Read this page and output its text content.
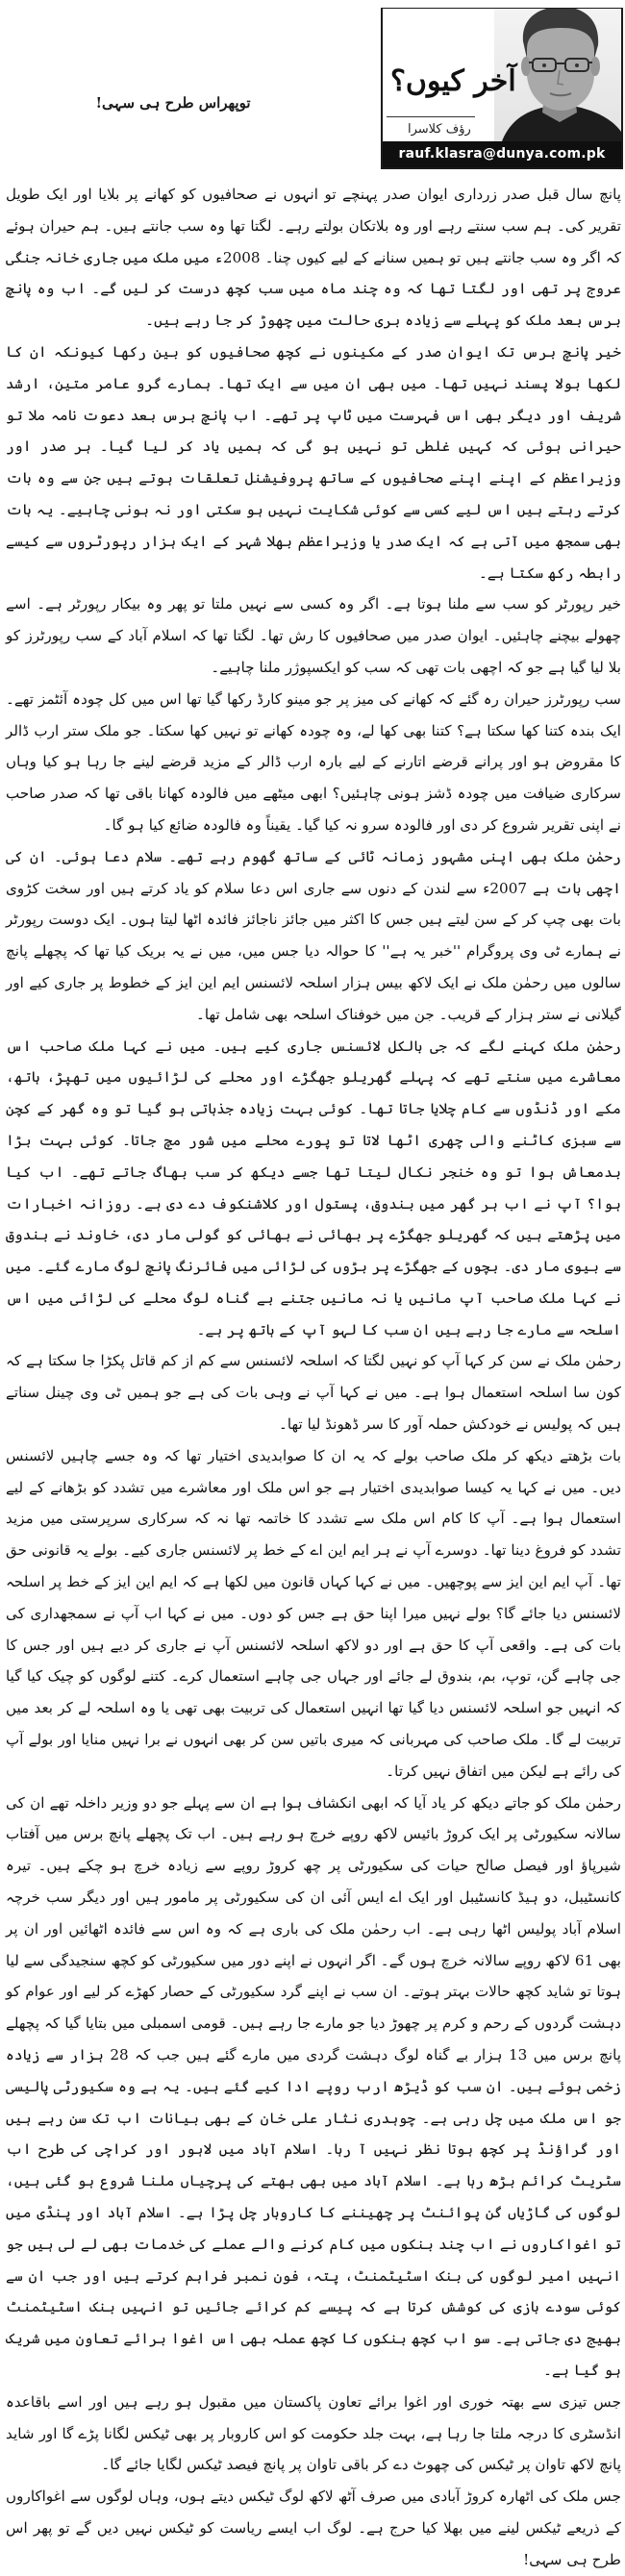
توپھراس طرح ہی سہی!
آخر کیوں؟
رؤف کلاسرا
rauf.klasra@dunya.com.pk

پانچ سال قبل صدر زرداری ایوان صدر پہنچے تو انہوں نے صحافیوں کو کھانے پر بلایا اور ایک طویل تقریر کی۔ ہم سب سنتے رہے اور وہ بلاتکان بولتے رہے۔ لگتا تھا وہ سب جانتے ہیں۔ ہم حیران ہوئے کہ اگر وہ سب جانتے ہیں تو ہمیں سنانے کے لیے کیوں چنا۔ 2008ء میں ملک میں جاری خانہ جنگی عروج پر تھی اور لگتا تھا کہ وہ چند ماہ میں سب کچھ درست کر لیں گے۔ اب وہ پانچ برس بعد ملک کو پہلے سے زیادہ بری حالت میں چھوڑ کر جا رہے ہیں۔

خیر پانچ برس تک ایوان صدر کے مکینوں نے کچھ صحافیوں کو بین رکھا کیونکہ ان کا لکھا بولا پسند نہیں تھا۔ میں بھی ان میں سے ایک تھا۔ ہمارے گرو عامر متین، ارشد شریف اور دیگر بھی اس فہرست میں ٹاپ پر تھے۔ اب پانچ برس بعد دعوت نامہ ملا تو حیرانی ہوئی کہ کہیں غلطی تو نہیں ہو گی کہ ہمیں یاد کر لیا گیا۔ ہر صدر اور وزیراعظم کے اپنے اپنے صحافیوں کے ساتھ پروفیشنل تعلقات ہوتے ہیں جن سے وہ بات کرتے رہتے ہیں اس لیے کسی سے کوئی شکایت نہیں ہو سکتی اور نہ ہونی چاہیے۔ یہ بات بھی سمجھ میں آتی ہے کہ ایک صدر یا وزیراعظم بھلا شہر کے ایک ہزار رپورٹروں سے کیسے رابطہ رکھ سکتا ہے۔

خیر رپورٹر کو سب سے ملنا ہوتا ہے۔ اگر وہ کسی سے نہیں ملتا تو پھر وہ بیکار رپورٹر ہے۔ اسے چھولے بیچنے چاہئیں۔ ایوان صدر میں صحافیوں کا رش تھا۔ لگتا تھا کہ اسلام آباد کے سب رپورٹرز کو بلا لیا گیا ہے جو کہ اچھی بات تھی کہ سب کو ایکسپوژر ملنا چاہیے۔

سب رپورٹرز حیران رہ گئے کہ کھانے کی میز پر جو مینو کارڈ رکھا گیا تھا اس میں کل چودہ آئٹمز تھے۔ ایک بندہ کتنا کھا سکتا ہے؟ کتنا بھی کھا لے، وہ چودہ کھانے تو نہیں کھا سکتا۔ جو ملک ستر ارب ڈالر کا مقروض ہو اور پرانے قرضے اتارنے کے لیے بارہ ارب ڈالر کے مزید قرضے لینے جا رہا ہو کیا وہاں سرکاری ضیافت میں چودہ ڈشز ہونی چاہئیں؟ ابھی میٹھے میں فالودہ کھانا باقی تھا کہ صدر صاحب نے اپنی تقریر شروع کر دی اور فالودہ سرو نہ کیا گیا۔ یقیناً وہ فالودہ ضائع کیا ہو گا۔

رحمٰن ملک بھی اپنی مشہور زمانہ ٹائی کے ساتھ گھوم رہے تھے۔ سلام دعا ہوئی۔ ان کی اچھی بات ہے 2007ء سے لندن کے دنوں سے جاری اس دعا سلام کو یاد کرتے ہیں اور سخت کڑوی بات بھی چپ کر کے سن لیتے ہیں جس کا اکثر میں جائز ناجائز فائدہ اٹھا لیتا ہوں۔ ایک دوست رپورٹر نے ہمارے ٹی وی پروگرام ''خبر یہ ہے'' کا حوالہ دیا جس میں، میں نے یہ بریک کیا تھا کہ پچھلے پانچ سالوں میں رحمٰن ملک نے ایک لاکھ بیس ہزار اسلحہ لائسنس ایم این ایز کے خطوط پر جاری کیے اور گیلانی نے ستر ہزار کے قریب۔ جن میں خوفناک اسلحہ بھی شامل تھا۔

رحمٰن ملک کہنے لگے کہ جی بالکل لائسنس جاری کیے ہیں۔ میں نے کہا ملک صاحب اس معاشرے میں سنتے تھے کہ پہلے گھریلو جھگڑے اور محلے کی لڑائیوں میں تھپڑ، ہاتھ، مکے اور ڈنڈوں سے کام چلایا جاتا تھا۔ کوئی بہت زیادہ جذباتی ہو گیا تو وہ گھر کے کچن سے سبزی کاٹنے والی چھری اٹھا لاتا تو پورے محلے میں شور مچ جاتا۔ کوئی بہت بڑا بدمعاش ہوا تو وہ خنجر نکال لیتا تھا جسے دیکھ کر سب بھاگ جاتے تھے۔ اب کیا ہوا؟ آپ نے اب ہر گھر میں بندوق، پستول اور کلاشنکوف دے دی ہے۔ روزانہ اخبارات میں پڑھتے ہیں کہ گھریلو جھگڑے پر بھائی نے بھائی کو گولی مار دی، خاوند نے بندوق سے بیوی مار دی۔ بچوں کے جھگڑے پر بڑوں کی لڑائی میں فائرنگ پانچ لوگ مارے گئے۔ میں نے کہا ملک صاحب آپ مانیں یا نہ مانیں جتنے بے گناہ لوگ محلے کی لڑائی میں اس اسلحہ سے مارے جا رہے ہیں ان سب کا لہو آپ کے ہاتھ پر ہے۔

رحمٰن ملک نے سن کر کہا آپ کو نہیں لگتا کہ اسلحہ لائسنس سے کم از کم قاتل پکڑا جا سکتا ہے کہ کون سا اسلحہ استعمال ہوا ہے۔ میں نے کہا آپ نے وہی بات کی ہے جو ہمیں ٹی وی چینل سناتے ہیں کہ پولیس نے خودکش حملہ آور کا سر ڈھونڈ لیا تھا۔

بات بڑھتے دیکھ کر ملک صاحب بولے کہ یہ ان کا صوابدیدی اختیار تھا کہ وہ جسے چاہیں لائسنس دیں۔ میں نے کہا یہ کیسا صوابدیدی اختیار ہے جو اس ملک اور معاشرے میں تشدد کو بڑھانے کے لیے استعمال ہوا ہے۔ آپ کا کام اس ملک سے تشدد کا خاتمہ تھا نہ کہ سرکاری سرپرستی میں مزید تشدد کو فروغ دینا تھا۔ دوسرے آپ نے ہر ایم این اے کے خط پر لائسنس جاری کیے۔ بولے یہ قانونی حق تھا۔ آپ ایم این ایز سے پوچھیں۔ میں نے کہا کہاں قانون میں لکھا ہے کہ ایم این ایز کے خط پر اسلحہ لائسنس دیا جائے گا؟ بولے نہیں میرا اپنا حق ہے جس کو دوں۔ میں نے کہا اب آپ نے سمجھداری کی بات کی ہے۔ واقعی آپ کا حق ہے اور دو لاکھ اسلحہ لائسنس آپ نے جاری کر دیے ہیں اور جس کا جی چاہے گن، توپ، بم، بندوق لے جائے اور جہاں جی چاہے استعمال کرے۔ کتنے لوگوں کو چیک کیا گیا کہ انہیں جو اسلحہ لائسنس دیا گیا تھا انہیں استعمال کی تربیت بھی تھی یا وہ اسلحہ لے کر بعد میں تربیت لے گا۔ ملک صاحب کی مہربانی کہ میری باتیں سن کر بھی انہوں نے برا نہیں منایا اور بولے آپ کی رائے ہے لیکن میں اتفاق نہیں کرتا۔

رحمٰن ملک کو جاتے دیکھ کر یاد آیا کہ ابھی انکشاف ہوا ہے ان سے پہلے جو دو وزیر داخلہ تھے ان کی سالانہ سکیورٹی پر ایک کروڑ بائیس لاکھ روپے خرچ ہو رہے ہیں۔ اب تک پچھلے پانچ برس میں آفتاب شیرپاؤ اور فیصل صالح حیات کی سکیورٹی پر چھ کروڑ روپے سے زیادہ خرچ ہو چکے ہیں۔ تیرہ کانسٹیبل، دو ہیڈ کانسٹیبل اور ایک اے ایس آئی ان کی سکیورٹی پر مامور ہیں اور دیگر سب خرچہ اسلام آباد پولیس اٹھا رہی ہے۔ اب رحمٰن ملک کی باری ہے کہ وہ اس سے فائدہ اٹھائیں اور ان پر بھی 61 لاکھ روپے سالانہ خرچ ہوں گے۔ اگر انہوں نے اپنے دور میں سکیورٹی کو کچھ سنجیدگی سے لیا ہوتا تو شاید کچھ حالات بہتر ہوتے۔ ان سب نے اپنے گرد سکیورٹی کے حصار کھڑے کر لیے اور عوام کو دہشت گردوں کے رحم و کرم پر چھوڑ دیا جو مارے جا رہے ہیں۔ قومی اسمبلی میں بتایا گیا کہ پچھلے پانچ برس میں 13 ہزار بے گناہ لوگ دہشت گردی میں مارے گئے ہیں جب کہ 28 ہزار سے زیادہ زخمی ہوئے ہیں۔ ان سب کو ڈیڑھ ارب روپے ادا کیے گئے ہیں۔ یہ ہے وہ سکیورٹی پالیسی جو اس ملک میں چل رہی ہے۔ چوہدری نثار علی خان کے بھی بیانات اب تک سن رہے ہیں اور گراؤنڈ پر کچھ ہوتا نظر نہیں آ رہا۔ اسلام آباد میں لاہور اور کراچی کی طرح اب سٹریٹ کرائم بڑھ رہا ہے۔ اسلام آباد میں بھی بھتے کی پرچیاں ملنا شروع ہو گئی ہیں، لوگوں کی گاڑیاں گن پوائنٹ پر چھیننے کا کاروبار چل پڑا ہے۔ اسلام آباد اور پنڈی میں تو اغواکاروں نے اب چند بنکوں میں کام کرنے والے عملے کی خدمات بھی لے لی ہیں جو انہیں امیر لوگوں کی بنک اسٹیٹمنٹ، پتہ، فون نمبر فراہم کرتے ہیں اور جب ان سے کوئی سودے بازی کی کوشش کرتا ہے کہ پیسے کم کرائے جائیں تو انہیں بنک اسٹیٹمنٹ بھیج دی جاتی ہے۔ سو اب کچھ بنکوں کا کچھ عملہ بھی اس اغوا برائے تعاون میں شریک ہو گیا ہے۔

جس تیزی سے بھتہ خوری اور اغوا برائے تعاون پاکستان میں مقبول ہو رہے ہیں اور اسے باقاعدہ انڈسٹری کا درجہ ملتا جا رہا ہے، بہت جلد حکومت کو اس کاروبار پر بھی ٹیکس لگانا پڑے گا اور شاید پانچ لاکھ تاوان پر ٹیکس کی چھوٹ دے کر باقی تاوان پر پانچ فیصد ٹیکس لگایا جائے گا۔

جس ملک کی اٹھارہ کروڑ آبادی میں صرف آٹھ لاکھ لوگ ٹیکس دیتے ہوں، وہاں لوگوں سے اغواکاروں کے ذریعے ٹیکس لینے میں بھلا کیا حرج ہے۔ لوگ اب ایسے ریاست کو ٹیکس نہیں دیں گے تو پھر اس طرح ہی سہی!
